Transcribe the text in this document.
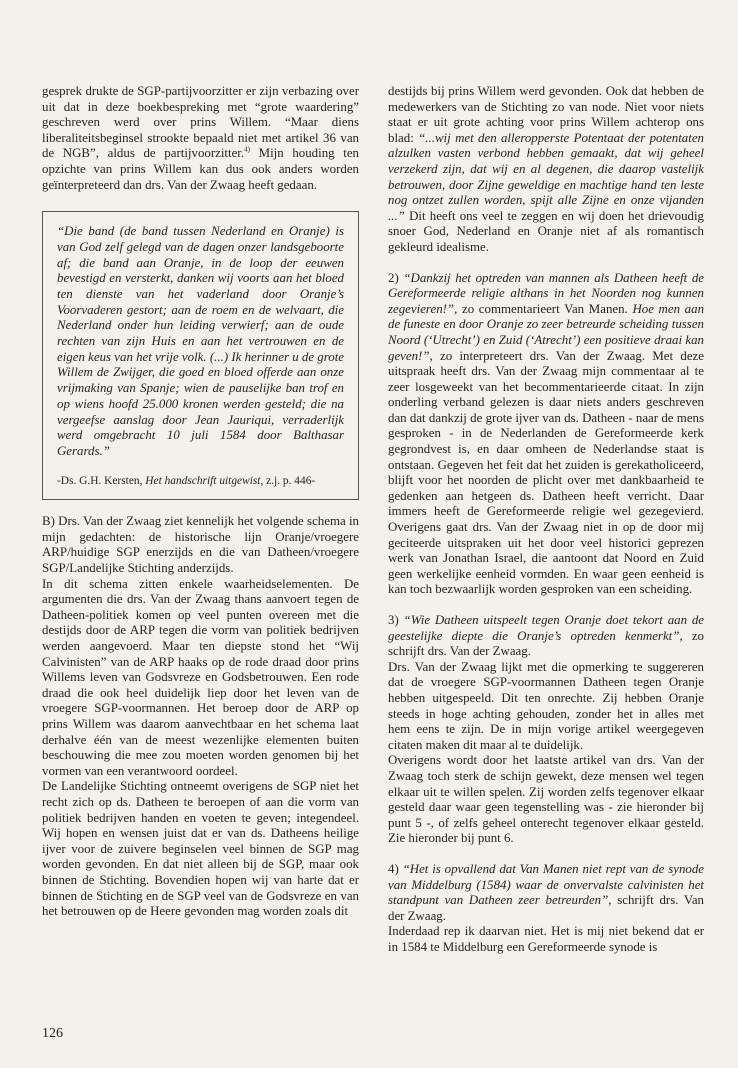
gesprek drukte de SGP-partijvoorzitter er zijn verbazing over uit dat in deze boekbespreking met “grote waardering” geschreven werd over prins Willem. “Maar diens liberaliteitsbeginsel strookte bepaald niet met artikel 36 van de NGB”, aldus de partijvoorzitter.$^{4)}$ Mijn houding ten opzichte van prins Willem kan dus ook anders worden geïnterpreteerd dan drs. Van der Zwaag heeft gedaan.

“Die band (de band tussen Nederland en Oranje) is van God zelf gelegd van de dagen onzer landsgeboorte af; die band aan Oranje, in de loop der eeuwen bevestigd en versterkt, danken wij voorts aan het bloed ten dienste van het vaderland door Oranje’s Voorvaderen gestort; aan de roem en de welvaart, die Nederland onder hun leiding verwierf; aan de oude rechten van zijn Huis en aan het vertrouwen en de eigen keus van het vrije volk. (...) Ik herinner u de grote Willem de Zwijger, die goed en bloed offerde aan onze vrijmaking van Spanje; wien de pauselijke ban trof en op wiens hoofd 25.000 kronen werden gesteld; die na vergeefse aanslag door Jean Jauriqui, verraderlijk werd omgebracht 10 juli 1584 door Balthasar Gerards.”

-Ds. G.H. Kersten, Het handschrift uitgewist, z.j. p. 446-

B) Drs. Van der Zwaag ziet kennelijk het volgende schema in mijn gedachten: de historische lijn Oranje/vroegere ARP/huidige SGP enerzijds en die van Datheen/vroegere SGP/Landelijke Stichting anderzijds.

In dit schema zitten enkele waarheidselementen. De argumenten die drs. Van der Zwaag thans aanvoert tegen de Datheen-politiek komen op veel punten overeen met die destijds door de ARP tegen die vorm van politiek bedrijven werden aangevoerd. Maar ten diepste stond het “Wij Calvinisten” van de ARP haaks op de rode draad door prins Willems leven van Godsvreze en Godsbetrouwen. Een rode draad die ook heel duidelijk liep door het leven van de vroegere SGP-voormannen. Het beroep door de ARP op prins Willem was daarom aanvechtbaar en het schema laat derhalve één van de meest wezenlijke elementen buiten beschouwing die mee zou moeten worden genomen bij het vormen van een verantwoord oordeel.

De Landelijke Stichting ontneemt overigens de SGP niet het recht zich op ds. Datheen te beroepen of aan die vorm van politiek bedrijven handen en voeten te geven; integendeel. Wij hopen en wensen juist dat er van ds. Datheens heilige ijver voor de zuivere beginselen veel binnen de SGP mag worden gevonden. En dat niet alleen bij de SGP, maar ook binnen de Stichting. Bovendien hopen wij van harte dat er binnen de Stichting en de SGP veel van de Godsvreze en van het betrouwen op de Heere gevonden mag worden zoals dit

destijds bij prins Willem werd gevonden. Ook dat hebben de medewerkers van de Stichting zo van node. Niet voor niets staat er uit grote achting voor prins Willem achterop ons blad: “...wij met den alleropperste Potentaat der potentaten alzulken vasten verbond hebben gemaakt, dat wij geheel verzekerd zijn, dat wij en al degenen, die daarop vastelijk betrouwen, door Zijne geweldige en machtige hand ten leste nog ontzet zullen worden, spijt alle Zijne en onze vijanden ...” Dit heeft ons veel te zeggen en wij doen het drievoudig snoer God, Nederland en Oranje niet af als romantisch gekleurd idealisme.

2) “Dankzij het optreden van mannen als Datheen heeft de Gereformeerde religie althans in het Noorden nog kunnen zegevieren!”, zo commentarieert Van Manen. Hoe men aan de funeste en door Oranje zo zeer betreurde scheiding tussen Noord (‘Utrecht’) en Zuid (‘Atrecht’) een positieve draai kan geven!”, zo interpreteert drs. Van der Zwaag. Met deze uitspraak heeft drs. Van der Zwaag mijn commentaar al te zeer losgeweekt van het becommentarieerde citaat. In zijn onderling verband gelezen is daar niets anders geschreven dan dat dankzij de grote ijver van ds. Datheen - naar de mens gesproken - in de Nederlanden de Gereformeerde kerk gegrondvest is, en daar omheen de Nederlandse staat is ontstaan. Gegeven het feit dat het zuiden is gerekatholiceerd, blijft voor het noorden de plicht over met dankbaarheid te gedenken aan hetgeen ds. Datheen heeft verricht. Daar immers heeft de Gereformeerde religie wel gezegevierd. Overigens gaat drs. Van der Zwaag niet in op de door mij geciteerde uitspraken uit het door veel historici geprezen werk van Jonathan Israel, die aantoont dat Noord en Zuid geen werkelijke eenheid vormden. En waar geen eenheid is kan toch bezwaarlijk worden gesproken van een scheiding.

3) “Wie Datheen uitspeelt tegen Oranje doet tekort aan de geestelijke diepte die Oranje’s optreden kenmerkt”, zo schrijft drs. Van der Zwaag.

Drs. Van der Zwaag lijkt met die opmerking te suggereren dat de vroegere SGP-voormannen Datheen tegen Oranje hebben uitgespeeld. Dit ten onrechte. Zij hebben Oranje steeds in hoge achting gehouden, zonder het in alles met hem eens te zijn. De in mijn vorige artikel weergegeven citaten maken dit maar al te duidelijk.

Overigens wordt door het laatste artikel van drs. Van der Zwaag toch sterk de schijn gewekt, deze mensen wel tegen elkaar uit te willen spelen. Zij worden zelfs tegenover elkaar gesteld daar waar geen tegenstelling was - zie hieronder bij punt 5 -, of zelfs geheel onterecht tegenover elkaar gesteld. Zie hieronder bij punt 6.

4) “Het is opvallend dat Van Manen niet rept van de synode van Middelburg (1584) waar de onvervalste calvinisten het standpunt van Datheen zeer betreurden”, schrijft drs. Van der Zwaag.

Inderdaad rep ik daarvan niet. Het is mij niet bekend dat er in 1584 te Middelburg een Gereformeerde synode is

126
